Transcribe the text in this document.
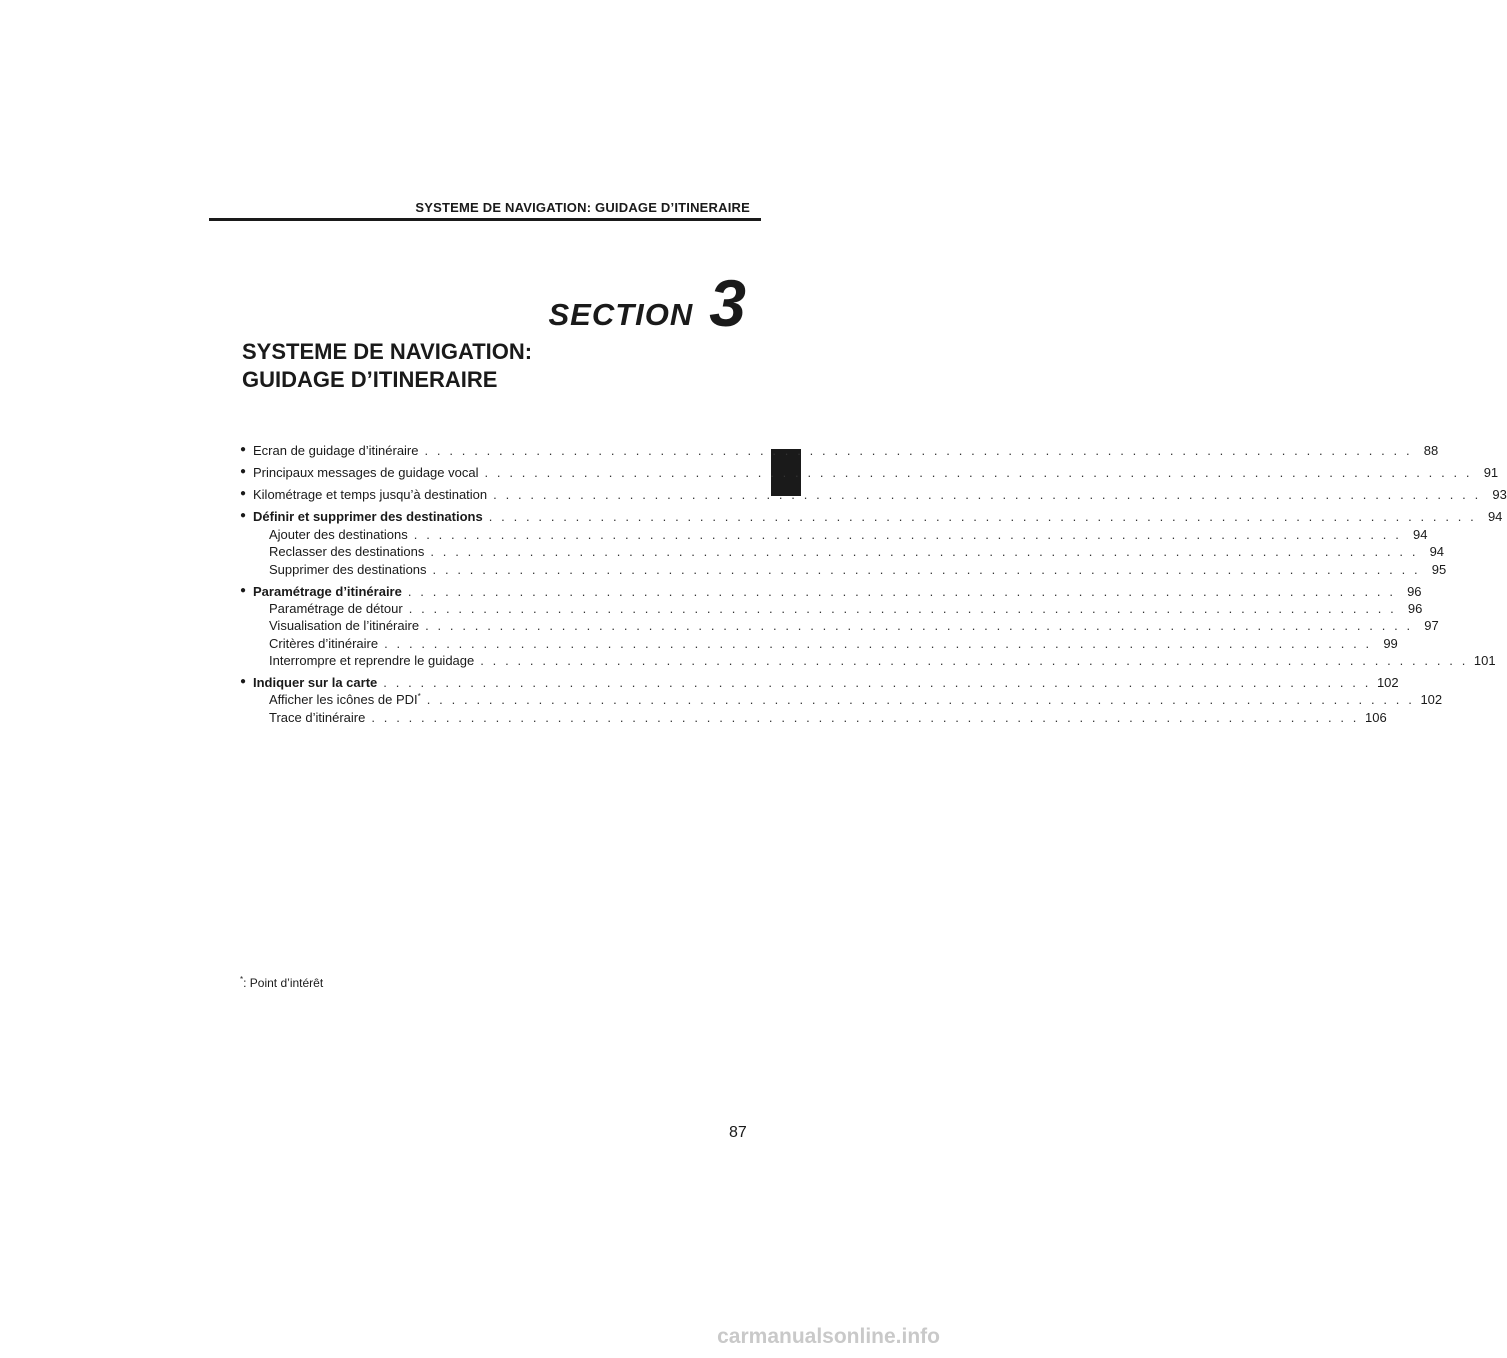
SYSTEME DE NAVIGATION: GUIDAGE D’ITINERAIRE
SECTION 3
SYSTEME DE NAVIGATION:
GUIDAGE D’ITINERAIRE
● Ecran de guidage d’itinéraire . . . . . . . . . . . . . . . . . . . . . . . . . . . . . . . . . . . . . . . . . . . . . . . . . . . . . . . . . . . . . . . . . . . . . . . . . . . . . . . . 88
● Principaux messages de guidage vocal . . . . . . . . . . . . . . . . . . . . . . . . . . . . . . . . . . . . . . . . . . . . . . . . . . . . . . . . . . . . . . . . . . . . . . . . . . . . . . . . 91
● Kilométrage et temps jusqu’à destination . . . . . . . . . . . . . . . . . . . . . . . . . . . . . . . . . . . . . . . . . . . . . . . . . . . . . . . . . . . . . . . . . . . . . . . . . . . . . . . . 93
● Définir et supprimer des destinations . . . . . . . . . . . . . . . . . . . . . . . . . . . . . . . . . . . . . . . . . . . . . . . . . . . . . . . . . . . . . . . . . . . . . . . . . . . . . . . . 94
Ajouter des destinations . . . . . . . . . . . . . . . . . . . . . . . . . . . . . . . . . . . . . . . . . . . . . . . . . . . . . . . . . . . . . . . . . . . . . . . . . . . . . . . . 94
Reclasser des destinations . . . . . . . . . . . . . . . . . . . . . . . . . . . . . . . . . . . . . . . . . . . . . . . . . . . . . . . . . . . . . . . . . . . . . . . . . . . . . . . . 94
Supprimer des destinations . . . . . . . . . . . . . . . . . . . . . . . . . . . . . . . . . . . . . . . . . . . . . . . . . . . . . . . . . . . . . . . . . . . . . . . . . . . . . . . . 95
● Paramétrage d’itinéraire . . . . . . . . . . . . . . . . . . . . . . . . . . . . . . . . . . . . . . . . . . . . . . . . . . . . . . . . . . . . . . . . . . . . . . . . . . . . . . . . 96
Paramétrage de détour . . . . . . . . . . . . . . . . . . . . . . . . . . . . . . . . . . . . . . . . . . . . . . . . . . . . . . . . . . . . . . . . . . . . . . . . . . . . . . . . 96
Visualisation de l’itinéraire . . . . . . . . . . . . . . . . . . . . . . . . . . . . . . . . . . . . . . . . . . . . . . . . . . . . . . . . . . . . . . . . . . . . . . . . . . . . . . . . 97
Critères d’itinéraire . . . . . . . . . . . . . . . . . . . . . . . . . . . . . . . . . . . . . . . . . . . . . . . . . . . . . . . . . . . . . . . . . . . . . . . . . . . . . . . . 99
Interrompre et reprendre le guidage . . . . . . . . . . . . . . . . . . . . . . . . . . . . . . . . . . . . . . . . . . . . . . . . . . . . . . . . . . . . . . . . . . . . . . . . . . . . . . . . 101
● Indiquer sur la carte . . . . . . . . . . . . . . . . . . . . . . . . . . . . . . . . . . . . . . . . . . . . . . . . . . . . . . . . . . . . . . . . . . . . . . . . . . . . . . . . 102
Afficher les icônes de PDI* . . . . . . . . . . . . . . . . . . . . . . . . . . . . . . . . . . . . . . . . . . . . . . . . . . . . . . . . . . . . . . . . . . . . . . . . . . . . . . . . 102
Trace d’itinéraire . . . . . . . . . . . . . . . . . . . . . . . . . . . . . . . . . . . . . . . . . . . . . . . . . . . . . . . . . . . . . . . . . . . . . . . . . . . . . . . . 106
*: Point d’intérêt
87
carmanualsonline.info
